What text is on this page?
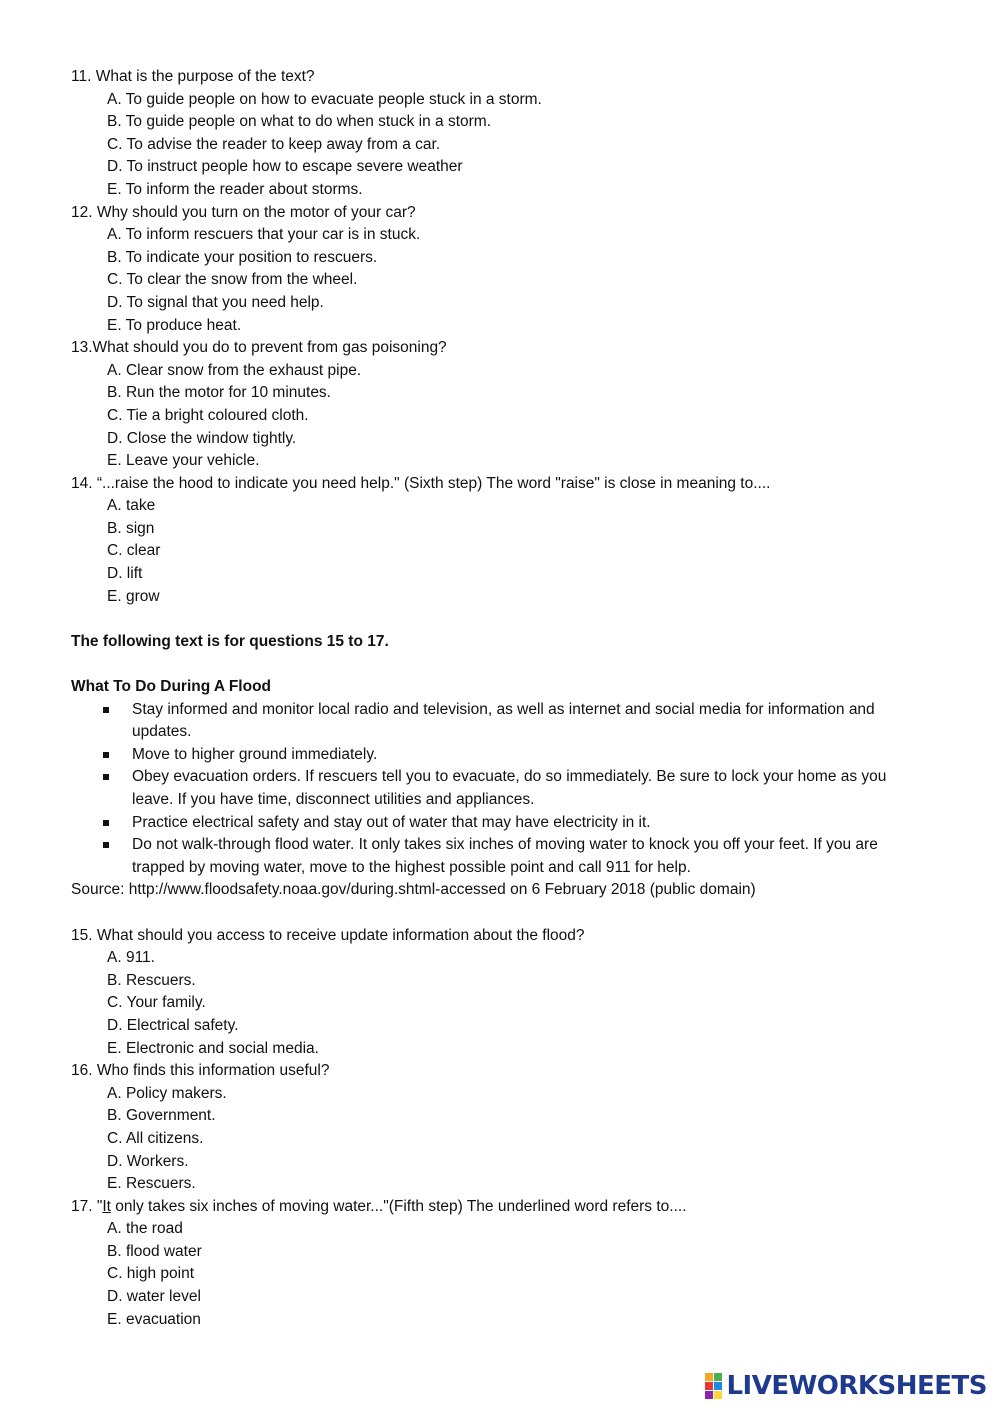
11. What is the purpose of the text?
A. To guide people on how to evacuate people stuck in a storm.
B. To guide people on what to do when stuck in a storm.
C. To advise the reader to keep away from a car.
D. To instruct people how to escape severe weather
E. To inform the reader about storms.
12. Why should you turn on the motor of your car?
A. To inform rescuers that your car is in stuck.
B. To indicate your position to rescuers.
C. To clear the snow from the wheel.
D. To signal that you need help.
E. To produce heat.
13.What should you do to prevent from gas poisoning?
A. Clear snow from the exhaust pipe.
B. Run the motor for 10 minutes.
C. Tie a bright coloured cloth.
D. Close the window tightly.
E. Leave your vehicle.
14. “...raise the hood to indicate you need help." (Sixth step) The word "raise" is close in meaning to....
A. take
B. sign
C. clear
D. lift
E. grow
The following text is for questions 15 to 17.
What To Do During A Flood
Stay informed and monitor local radio and television, as well as internet and social media for information and updates.
Move to higher ground immediately.
Obey evacuation orders. If rescuers tell you to evacuate, do so immediately. Be sure to lock your home as you leave. If you have time, disconnect utilities and appliances.
Practice electrical safety and stay out of water that may have electricity in it.
Do not walk-through flood water. It only takes six inches of moving water to knock you off your feet. If you are trapped by moving water, move to the highest possible point and call 911 for help.
Source: http://www.floodsafety.noaa.gov/during.shtml-accessed on 6 February 2018 (public domain)
15. What should you access to receive update information about the flood?
A. 911.
B. Rescuers.
C. Your family.
D. Electrical safety.
E. Electronic and social media.
16. Who finds this information useful?
A. Policy makers.
B. Government.
C. All citizens.
D. Workers.
E. Rescuers.
17. "It only takes six inches of moving water..."(Fifth step) The underlined word refers to....
A. the road
B. flood water
C. high point
D. water level
E. evacuation
LIVEWORKSHEETS
